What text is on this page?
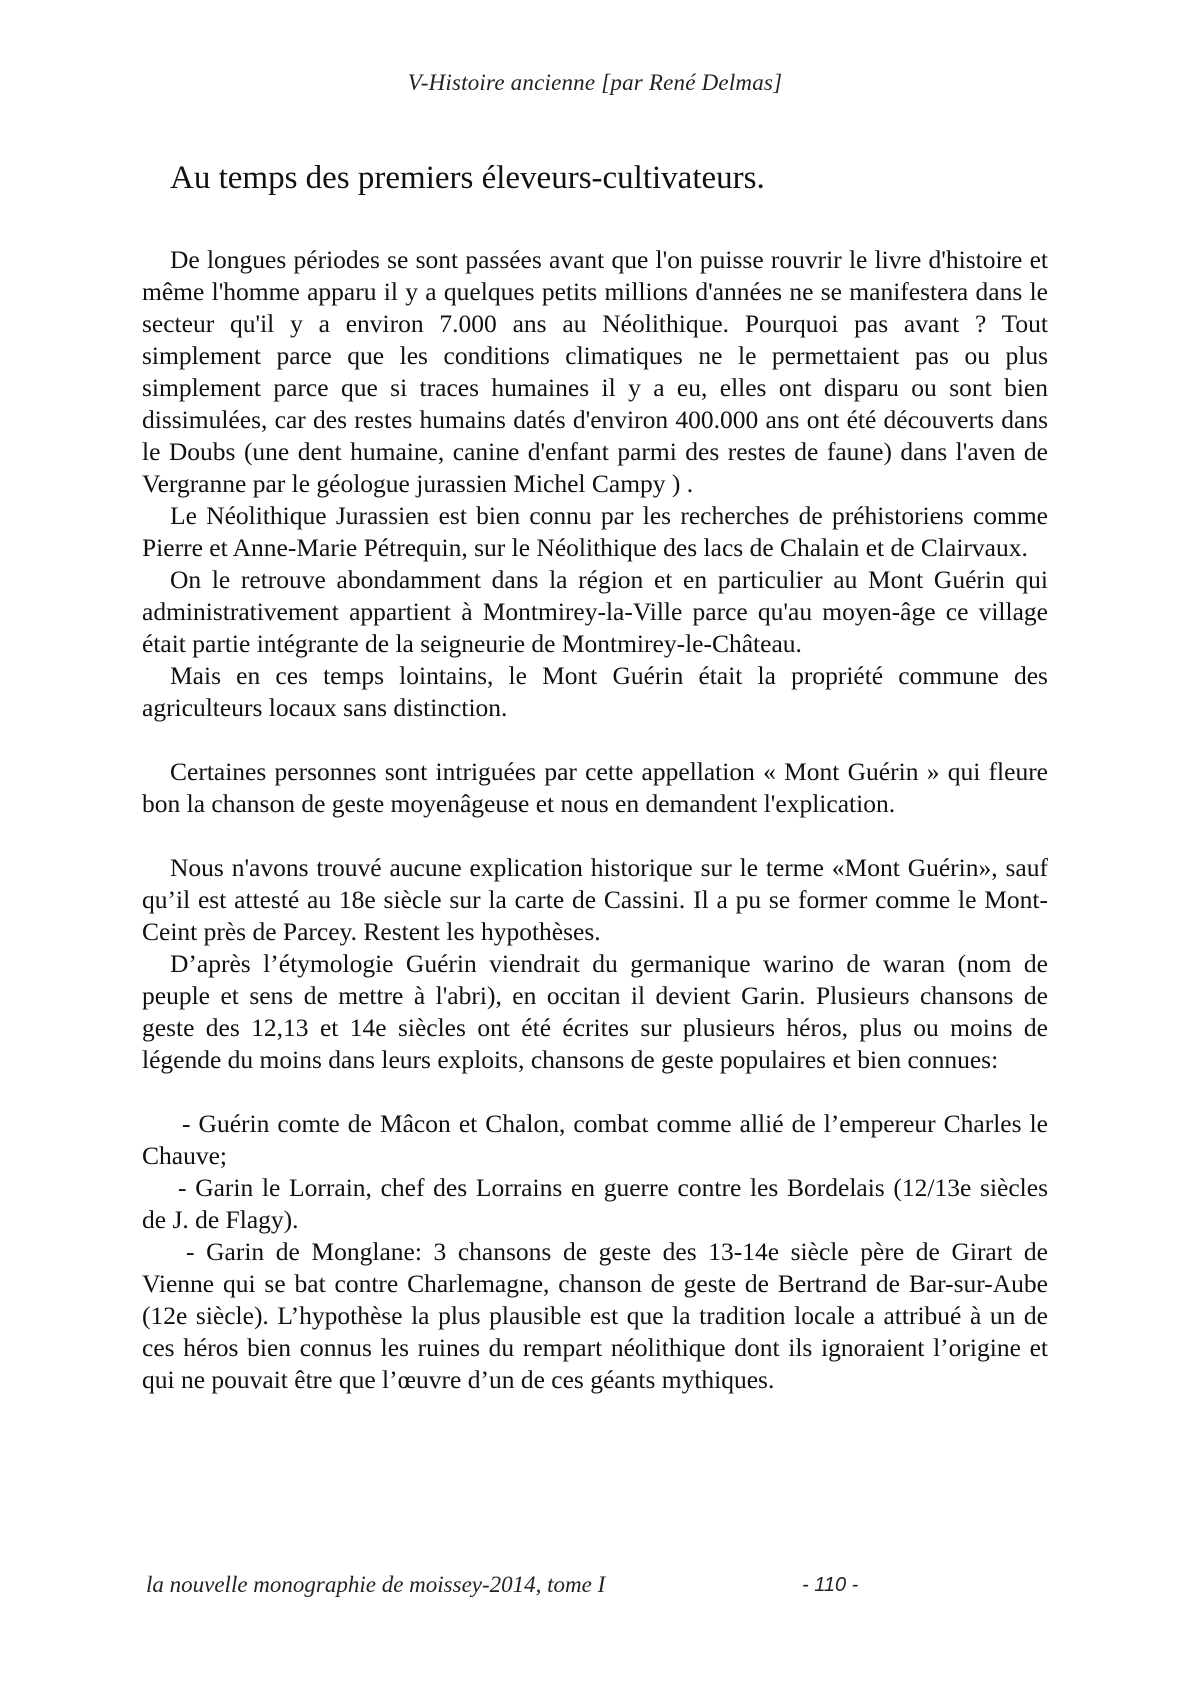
V-Histoire ancienne [par René Delmas]
Au temps des premiers éleveurs-cultivateurs.

De longues périodes se sont passées avant que l'on puisse rouvrir le livre d'histoire et même l'homme apparu il y a quelques petits millions d'années ne se manifestera dans le secteur qu'il y a environ 7.000 ans au Néolithique. Pourquoi pas avant ? Tout simplement parce que les conditions climatiques ne le permettaient pas ou plus simplement parce que si traces humaines il y a eu, elles ont disparu ou sont bien dissimulées, car des restes humains datés d'environ 400.000 ans ont été découverts dans le Doubs (une dent humaine, canine d'enfant parmi des restes de faune) dans l'aven de Vergranne par le géologue jurassien Michel Campy ) .

Le Néolithique Jurassien est bien connu par les recherches de préhistoriens comme Pierre et Anne-Marie Pétrequin, sur le Néolithique des lacs de Chalain et de Clairvaux.

On le retrouve abondamment dans la région et en particulier au Mont Guérin qui administrativement appartient à Montmirey-la-Ville parce qu'au moyen-âge ce village était partie intégrante de la seigneurie de Montmirey-le-Château.

Mais en ces temps lointains, le Mont Guérin était la propriété commune des agriculteurs locaux sans distinction.

Certaines personnes sont intriguées par cette appellation « Mont Guérin » qui fleure bon la chanson de geste moyenâgeuse et nous en demandent l'explication.

Nous n'avons trouvé aucune explication historique sur le terme «Mont Guérin», sauf qu’il est attesté au 18e siècle sur la carte de Cassini. Il a pu se former comme le Mont-Ceint près de Parcey. Restent les hypothèses.

D’après l’étymologie Guérin viendrait du germanique warino de waran (nom de peuple et sens de mettre à l'abri), en occitan il devient Garin. Plusieurs chansons de geste des 12,13 et 14e siècles ont été écrites sur plusieurs héros, plus ou moins de légende du moins dans leurs exploits, chansons de geste populaires et bien connues:

- Guérin comte de Mâcon et Chalon, combat comme allié de l’empereur Charles le Chauve;

- Garin le Lorrain, chef des Lorrains en guerre contre les Bordelais (12/13e siècles de J. de Flagy).

- Garin de Monglane: 3 chansons de geste des 13-14e siècle père de Girart de Vienne qui se bat contre Charlemagne, chanson de geste de Bertrand de Bar-sur-Aube (12e siècle). L’hypothèse la plus plausible est que la tradition locale a attribué à un de ces héros bien connus les ruines du rempart néolithique dont ils ignoraient l’origine et qui ne pouvait être que l’œuvre d’un de ces géants mythiques.

la nouvelle monographie de moissey-2014, tome I	- 110 -
